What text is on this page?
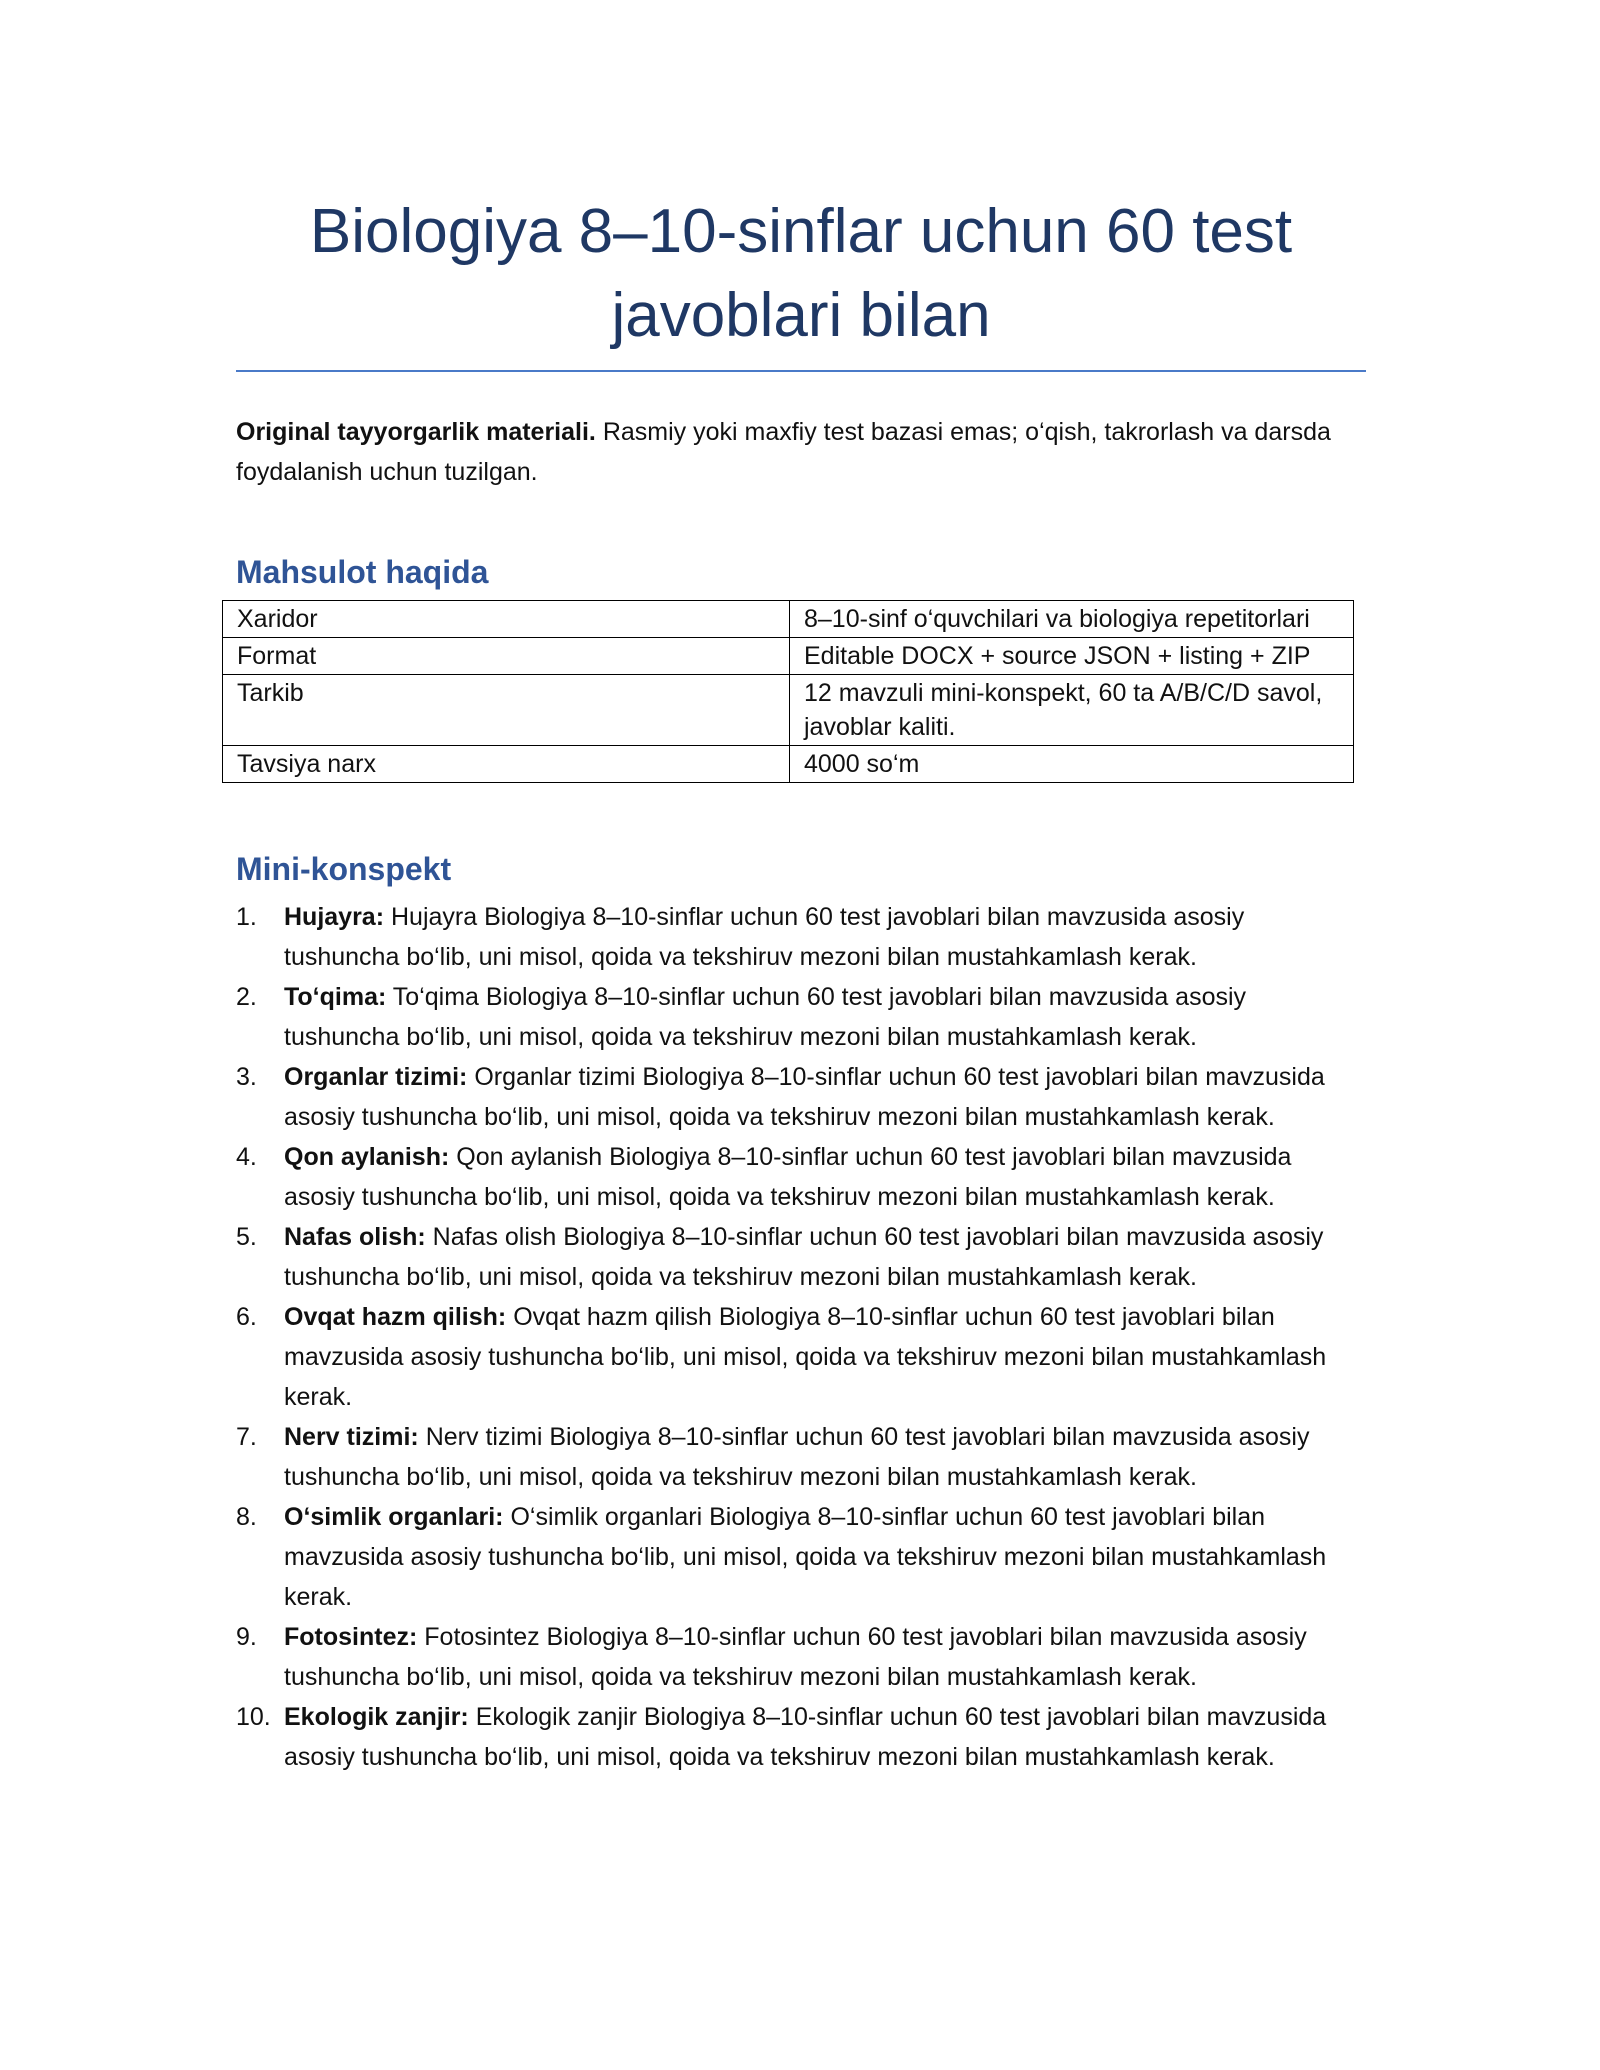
Biologiya 8–10-sinflar uchun 60 test javoblari bilan

Original tayyorgarlik materiali. Rasmiy yoki maxfiy test bazasi emas; o‘qish, takrorlash va darsda foydalanish uchun tuzilgan.

Mahsulot haqida
Xaridor	8–10-sinf o‘quvchilari va biologiya repetitorlari
Format	Editable DOCX + source JSON + listing + ZIP
Tarkib	12 mavzuli mini-konspekt, 60 ta A/B/C/D savol, javoblar kaliti.
Tavsiya narx	4000 so‘m
Mini-konspekt
1. Hujayra: Hujayra Biologiya 8–10-sinflar uchun 60 test javoblari bilan mavzusida asosiy tushuncha bo‘lib, uni misol, qoida va tekshiruv mezoni bilan mustahkamlash kerak.
2. To‘qima: To‘qima Biologiya 8–10-sinflar uchun 60 test javoblari bilan mavzusida asosiy tushuncha bo‘lib, uni misol, qoida va tekshiruv mezoni bilan mustahkamlash kerak.
3. Organlar tizimi: Organlar tizimi Biologiya 8–10-sinflar uchun 60 test javoblari bilan mavzusida asosiy tushuncha bo‘lib, uni misol, qoida va tekshiruv mezoni bilan mustahkamlash kerak.
4. Qon aylanish: Qon aylanish Biologiya 8–10-sinflar uchun 60 test javoblari bilan mavzusida asosiy tushuncha bo‘lib, uni misol, qoida va tekshiruv mezoni bilan mustahkamlash kerak.
5. Nafas olish: Nafas olish Biologiya 8–10-sinflar uchun 60 test javoblari bilan mavzusida asosiy tushuncha bo‘lib, uni misol, qoida va tekshiruv mezoni bilan mustahkamlash kerak.
6. Ovqat hazm qilish: Ovqat hazm qilish Biologiya 8–10-sinflar uchun 60 test javoblari bilan mavzusida asosiy tushuncha bo‘lib, uni misol, qoida va tekshiruv mezoni bilan mustahkamlash kerak.
7. Nerv tizimi: Nerv tizimi Biologiya 8–10-sinflar uchun 60 test javoblari bilan mavzusida asosiy tushuncha bo‘lib, uni misol, qoida va tekshiruv mezoni bilan mustahkamlash kerak.
8. O‘simlik organlari: O‘simlik organlari Biologiya 8–10-sinflar uchun 60 test javoblari bilan mavzusida asosiy tushuncha bo‘lib, uni misol, qoida va tekshiruv mezoni bilan mustahkamlash kerak.
9. Fotosintez: Fotosintez Biologiya 8–10-sinflar uchun 60 test javoblari bilan mavzusida asosiy tushuncha bo‘lib, uni misol, qoida va tekshiruv mezoni bilan mustahkamlash kerak.
10. Ekologik zanjir: Ekologik zanjir Biologiya 8–10-sinflar uchun 60 test javoblari bilan mavzusida asosiy tushuncha bo‘lib, uni misol, qoida va tekshiruv mezoni bilan mustahkamlash kerak.
